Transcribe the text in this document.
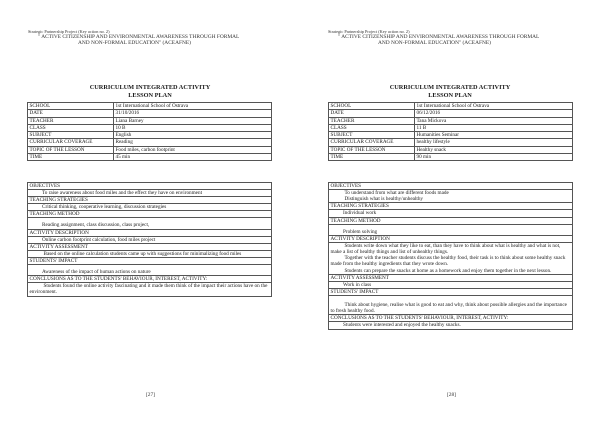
Strategic Partnership Project (Key action no. 2)
" ACTIVE CITIZENSHIP AND ENVIRONMENTAL AWARENESS THROUGH FORMAL
AND NON-FORMAL EDUCATION" (ACEAFNE)
CURRICULUM INTEGRATED ACTIVITY
LESSON PLAN
SCHOOL	1st International School of Ostrava
DATE	31/10/2016
TEACHER	Liana Barney
CLASS	10 B
SUBJECT	English
CURRICULAR COVERAGE	Reading
TOPIC OF THE LESSON	Food miles, carbon footprint
TIME	45 min
OBJECTIVES
To raise awareness about food miles and the effect they have on environment
TEACHING STRATEGIES
Critical thinking, cooperative learning, discussion strategies
TEACHING METHOD
Reading assignment, class discussion, class project,
ACTIVITY DESCRIPTION
Online carbon footprint calculation, food miles project
ACTIVITY ASSESSMENT
Based on the online calculation students came up with suggestions for minimalizing food miles
STUDENTS' IMPACT
Awareness of the impact of human actions on nature
CONCLUSIONS AS TO THE STUDENTS' BEHAVIOUR, INTEREST, ACTIVITY:
Students found the online activity fascinating and it made them think of the impact their actions have on the environment.
[27]
Strategic Partnership Project (Key action no. 2)
" ACTIVE CITIZENSHIP AND ENVIRONMENTAL AWARENESS THROUGH FORMAL
AND NON-FORMAL EDUCATION" (ACEAFNE)
CURRICULUM INTEGRATED ACTIVITY
LESSON PLAN
SCHOOL	1st International School of Ostrava
DATE	06/12/2016
TEACHER	Tana Mickova
CLASS	11 B
SUBJECT	Humanities Seminar
CURRICULAR COVERAGE	healthy lifestyle
TOPIC OF THE LESSON	Healthy snack
TIME	90 min
OBJECTIVES
To understand from what are different foods made
Distinguish what is healthy/unhealthy
TEACHING STRATEGIES
Individual work
TEACHING METHOD
Problem solving
ACTIVITY DESCRIPTION
Students write down what they like to eat, than they have to think about what is healthy and what is not, make a list of healthy things and list of unhealthy things.
Together with the teacher students discuss the healthy food, their task is to think about some healthy snack made from the healthy ingredients that they wrote down.
Students can prepare the snacks at home as a homework and enjoy them together in the next lesson.
ACTIVITY ASSESSMENT
Work in class
STUDENTS' IMPACT
Think about hygiene, realise what is good to eat and why, think about possible allergies and the importance to fresh healthy food.
CONCLUSIONS AS TO THE STUDENTS' BEHAVIOUR, INTEREST, ACTIVITY:
Students were interested and enjoyed the healthy snacks.
[28]
